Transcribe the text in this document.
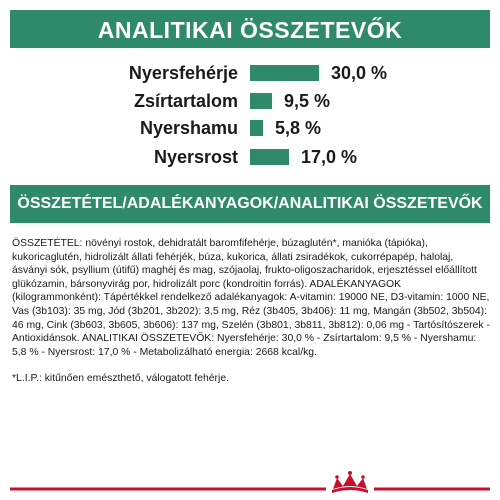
ANALITIKAI ÖSSZETEVŐK
Nyersfehérje	30,0 %
Zsírtartalom	9,5 %
Nyershamu 5,8 %
Nyersrost	17,0 %
ÖSSZETÉTEL/ADALÉKANYAGOK/ANALITIKAI ÖSSZETEVŐK

ÖSSZETÉTEL: növényi rostok, dehidratált baromfifehérje, búzaglutén*, manióka (tápióka), kukoricaglutén, hidrolizált állati fehérjék, búza, kukorica, állati zsiradékok, cukorrépapép, halolaj, ásványi sók, psyllium (útifű) maghéj és mag, szójaolaj, frukto-oligoszacharidok, erjesztéssel előállított glükózamin, bársonyvirág por, hidrolizált porc (kondroitin forrás). ADALÉKANYAGOK (kilogrammonként): Tápértékkel rendelkező adalékanyagok: A-vitamin: 19000 NE, D3-vitamin: 1000 NE, Vas (3b103): 35 mg, Jód (3b201, 3b202): 3,5 mg, Réz (3b405, 3b406): 11 mg, Mangán (3b502, 3b504): 46 mg, Cink (3b603, 3b605, 3b606): 137 mg, Szelén (3b801, 3b811, 3b812): 0,06 mg - Tartósítószerek - Antioxidánsok. ANALITIKAI ÖSSZETEVŐK: Nyersfehérje: 30,0 % - Zsírtartalom: 9,5 % - Nyershamu: 5,8 % - Nyersrost: 17,0 % - Metabolizálható energia: 2668 kcal/kg.

*L.I.P.: kitűnően emészthető, válogatott fehérje.
